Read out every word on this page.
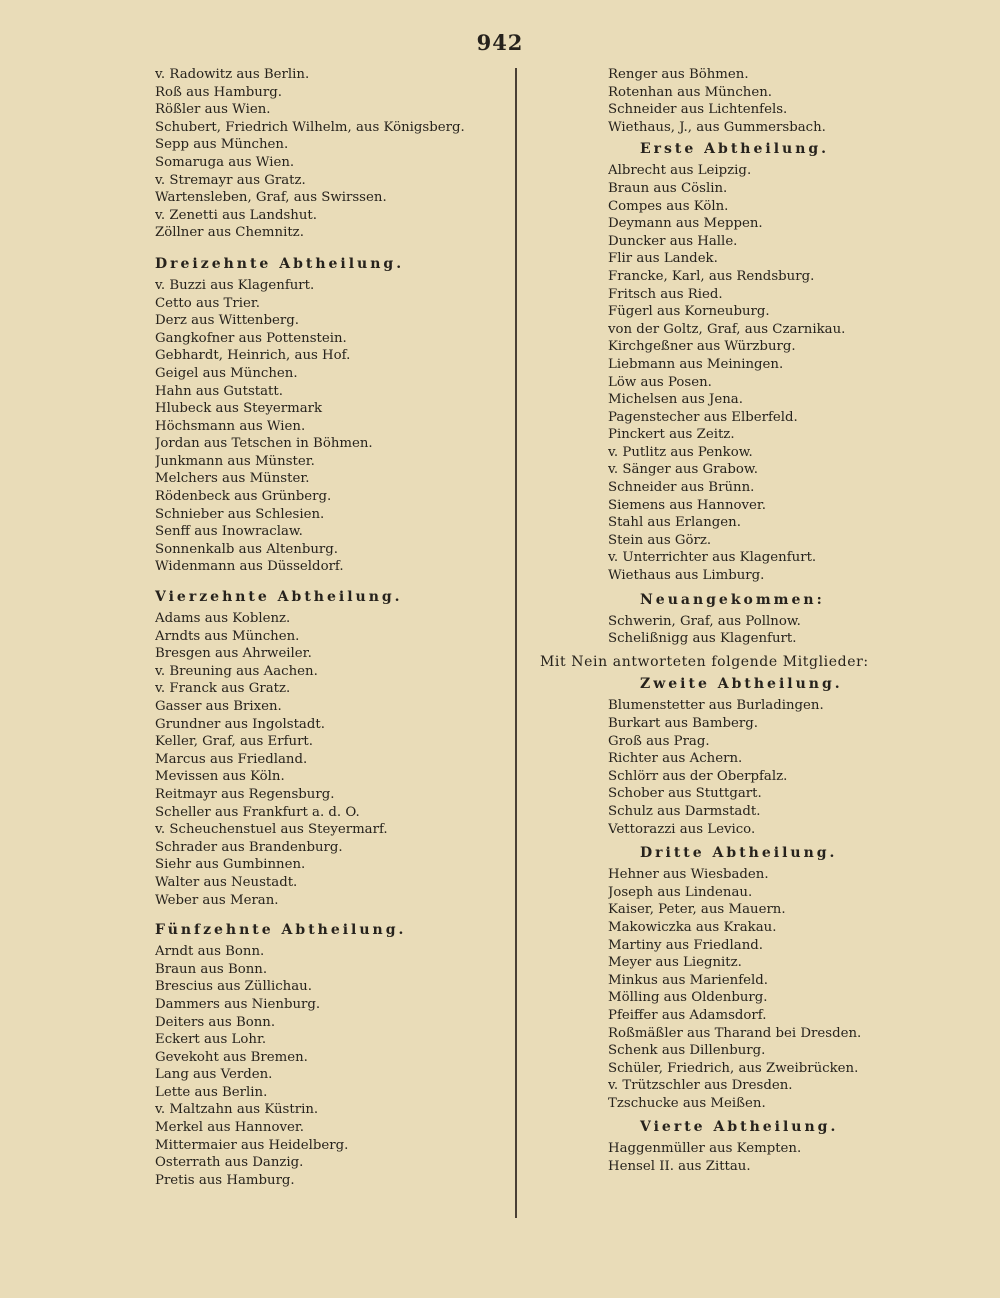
942
v. Radowitz aus Berlin.
Roß aus Hamburg.
Rößler aus Wien.
Schubert, Friedrich Wilhelm, aus Königsberg.
Sepp aus München.
Somaruga aus Wien.
v. Stremayr aus Gratz.
Wartensleben, Graf, aus Swirssen.
v. Zenetti aus Landshut.
Zöllner aus Chemnitz.
Dreizehnte Abtheilung.
v. Buzzi aus Klagenfurt.
Cetto aus Trier.
Derz aus Wittenberg.
Gangkofner aus Pottenstein.
Gebhardt, Heinrich, aus Hof.
Geigel aus München.
Hahn aus Gutstatt.
Hlubeck aus Steyermark
Höchsmann aus Wien.
Jordan aus Tetschen in Böhmen.
Junkmann aus Münster.
Melchers aus Münster.
Rödenbeck aus Grünberg.
Schnieber aus Schlesien.
Senff aus Inowraclaw.
Sonnenkalb aus Altenburg.
Widenmann aus Düsseldorf.
Vierzehnte Abtheilung.
Adams aus Koblenz.
Arndts aus München.
Bresgen aus Ahrweiler.
v. Breuning aus Aachen.
v. Franck aus Gratz.
Gasser aus Brixen.
Grundner aus Ingolstadt.
Keller, Graf, aus Erfurt.
Marcus aus Friedland.
Mevissen aus Köln.
Reitmayr aus Regensburg.
Scheller aus Frankfurt a. d. O.
v. Scheuchenstuel aus Steyermarf.
Schrader aus Brandenburg.
Siehr aus Gumbinnen.
Walter aus Neustadt.
Weber aus Meran.
Fünfzehnte Abtheilung.
Arndt aus Bonn.
Braun aus Bonn.
Brescius aus Züllichau.
Dammers aus Nienburg.
Deiters aus Bonn.
Eckert aus Lohr.
Gevekoht aus Bremen.
Lang aus Verden.
Lette aus Berlin.
v. Maltzahn aus Küstrin.
Merkel aus Hannover.
Mittermaier aus Heidelberg.
Osterrath aus Danzig.
Pretis aus Hamburg.
Renger aus Böhmen.
Rotenhan aus München.
Schneider aus Lichtenfels.
Wiethaus, J., aus Gummersbach.
Erste Abtheilung.
Albrecht aus Leipzig.
Braun aus Cöslin.
Compes aus Köln.
Deymann aus Meppen.
Duncker aus Halle.
Flir aus Landek.
Francke, Karl, aus Rendsburg.
Fritsch aus Ried.
Fügerl aus Korneuburg.
von der Goltz, Graf, aus Czarnikau.
Kirchgeßner aus Würzburg.
Liebmann aus Meiningen.
Löw aus Posen.
Michelsen aus Jena.
Pagenstecher aus Elberfeld.
Pinckert aus Zeitz.
v. Putlitz aus Penkow.
v. Sänger aus Grabow.
Schneider aus Brünn.
Siemens aus Hannover.
Stahl aus Erlangen.
Stein aus Görz.
v. Unterrichter aus Klagenfurt.
Wiethaus aus Limburg.
Neuangekommen:
Schwerin, Graf, aus Pollnow.
Schelißnigg aus Klagenfurt.
Mit Nein antworteten folgende Mitglieder:
Zweite Abtheilung.
Blumenstetter aus Burladingen.
Burkart aus Bamberg.
Groß aus Prag.
Richter aus Achern.
Schlörr aus der Oberpfalz.
Schober aus Stuttgart.
Schulz aus Darmstadt.
Vettorazzi aus Levico.
Dritte Abtheilung.
Hehner aus Wiesbaden.
Joseph aus Lindenau.
Kaiser, Peter, aus Mauern.
Makowiczka aus Krakau.
Martiny aus Friedland.
Meyer aus Liegnitz.
Minkus aus Marienfeld.
Mölling aus Oldenburg.
Pfeiffer aus Adamsdorf.
Roßmäßler aus Tharand bei Dresden.
Schenk aus Dillenburg.
Schüler, Friedrich, aus Zweibrücken.
v. Trützschler aus Dresden.
Tzschucke aus Meißen.
Vierte Abtheilung.
Haggenmüller aus Kempten.
Hensel II. aus Zittau.
